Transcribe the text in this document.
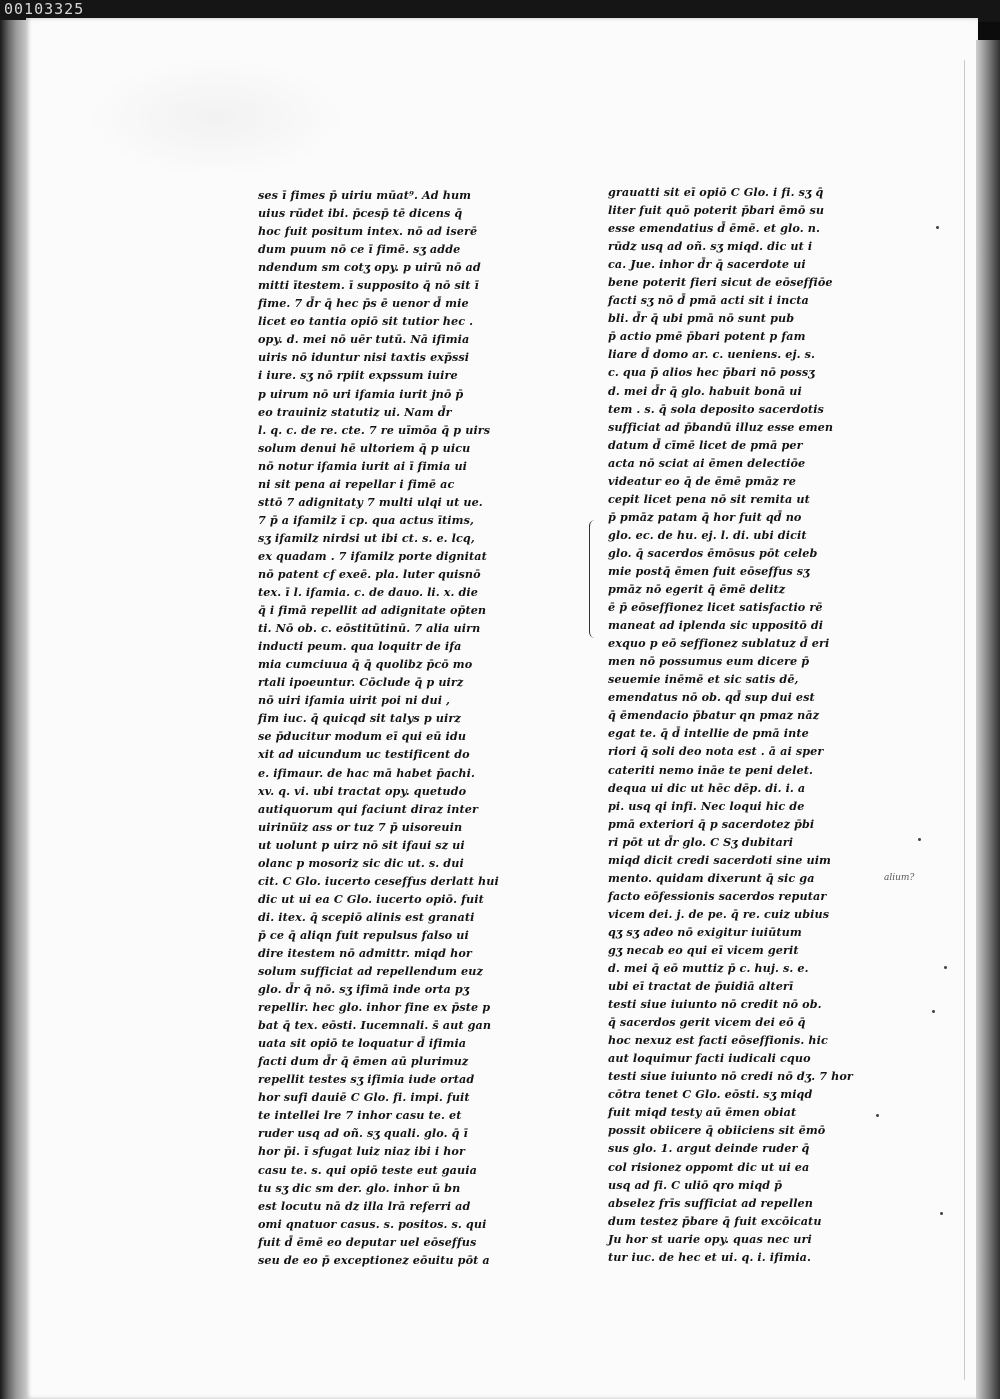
00103325
ses ī fimes p̄ uiriu mūat⁹. Ad hum
uius rūdet ibi. p̄cesp̄ tē dicens q̄
hoc fuit positum intex. nō ad iserē
dum puum nō ce ī fimē. sʒ adde
ndendum sm cotʒ opy. p uirū nō ad
mitti ītestem. ī supposito q̄ nō sit ī
fime. 7 d̄r q̄ hec p̄s ē uenor d̄ mie
licet eo tantia opiō sit tutior hec .
opy. d. mei nō uēr tutū. Nā ifimia
uiris nō iduntur nisi taxtis exp̄ssi
i iure. sʒ nō rpiit expssum iuire
p uirum nō uri ifamia iurit jnō p̄
eo trauiniz statutiz ui. Nam d̄r
l. q. c. de re. cte. 7 re uīmōa q̄ p uirs
solum denui hē ultoriem q̄ p uicu
nō notur ifamia iurit ai ī fimia ui
ni sit pena ai repellar i fimē ac
sttō 7 adignitaty 7 multi ulqi ut ue.
7 p̄ a ifamilz ī cp. qua actus ītims,
sʒ ifamilz nirdsi ut ibi ct. s. e. lcq,
ex quadam . 7 ifamilz porte dignitat
nō patent cf exeē. pla. luter quisnō
tex. ī l. ifamia. c. de dauo. li. x. die
q̄ i fimā repellit ad adignitate op̄ten
ti. Nō ob. c. eōstitūtinū. 7 alia uirn
inducti peum. qua loquitr de ifa
mia cumciuua q̄ q̄ quolibz p̄cō mo
rtali ipoeuntur. Cōclude q̄ p uirz
nō uiri ifamia uirit poi ni dui ,
fim iuc. q̄ quicqd sit talys p uirz
se p̄ducitur modum eī qui eū idu
xit ad uicundum uc testificent do
e. ifimaur. de hac mā habet p̄achi.
xv. q. vi. ubi tractat opy. quetudo
autiquorum qui faciunt diraz inter
uirinūiz ass or tuz 7 p̄ uisoreuin
ut uolunt p uirz nō sit ifaui sz ui
olanc p mosoriz sic dic ut. s. dui
cit. C Glo. iucerto ceseffus derlatt hui
dic ut ui ea C Glo. iucerto opiō. fuit
di. itex. q̄ scepiō alinis est granati
p̄ ce q̄ aliqn fuit repulsus falso ui
dire itestem nō admittr. miqd hor
solum sufficiat ad repellendum euz
glo. d̄r q̄ nō. sʒ ifimā inde orta pʒ
repellir. hec glo. inhor fine ex p̄ste p
bat q̄ tex. eōsti. Iucemnali. s̄ aut gan
uata sit opiō te loquatur d̄ ifimia
facti dum d̄r q̄ ēmen aū plurimuz
repellit testes sʒ ifimia iude ortad
hor sufi dauiē C Glo. fi. impi. fuit
te intellei lre 7 inhor casu te. et
ruder usq ad oñ. sʒ quali. glo. q̄ ī
hor p̄i. ī sfugat luiz niaz ibi i hor
casu te. s. qui opiō teste eut gauia
tu sʒ dic sm der. glo. inhor ū bn
est locutu nā dz illa lrā referri ad
omi qnatuor casus. s. positos. s. qui
fuit d̄ ēmē eo deputar uel eōseffus
seu de eo p̄ exceptionez eōuitu pōt a
grauatti sit eī opiō C Glo. i fi. sʒ q̄
liter fuit quō poterit p̄bari ēmō su
esse emendatius d̄ ēmē. et glo. n.
rūdz usq ad oñ. sʒ miqd. dic ut i
ca. Jue. inhor d̄r q̄ sacerdote ui
bene poterit fieri sicut de eōseffiōe
facti sʒ nō d̄ pmā acti sit i incta
bli. d̄r q̄ ubi pmā nō sunt pub
p̄ actio pmē p̄bari potent p fam
liare d̄ domo ar. c. ueniens. ej. s.
c. qua p̄ alios hec p̄bari nō possʒ
d. mei d̄r q̄ glo. habuit bonā ui
tem . s. q̄ sola deposito sacerdotis
sufficiat ad p̄bandū illuz esse emen
datum d̄ cīmē licet de pmā per
acta nō sciat ai ēmen delectiōe
videatur eo q̄ de ēmē pmāz re
cepit licet pena nō sit remita ut
p̄ pmāz patam q̄ hor fuit qd̄ no
glo. ec. de hu. ej. l. di. ubi dicit
glo. q̄ sacerdos ēmōsus pōt celeb
mie postq̄ ēmen fuit eōseffus sʒ
pmāz nō egerit q̄ ēmē delitz
ē p̄ eōseffionez licet satisfactio rē
maneat ad iplenda sic uppositō di
exquo p eō seffionez sublatuz d̄ eri
men nō possumus eum dicere p̄
seuemie inēmē et sic satis dē,
emendatus nō ob. qd̄ sup dui est
q̄ ēmendacio p̄batur qn pmaz nāz
egat te. q̄ d̄ intellie de pmā inte
riori q̄ soli deo nota est . ā ai sper
cateriti nemo ināe te peni delet.
dequa ui dic ut hēc dēp. di. i. a
pi. usq qi infi. Nec loqui hic de
pmā exteriori q̄ p sacerdotez p̄bi
ri pōt ut d̄r glo. C Sʒ dubitari
miqd dicit credi sacerdoti sine uim
mento. quidam dixerunt q̄ sic ga
facto eōfessionis sacerdos reputar
vicem dei. j. de pe. q̄ re. cuiz ubius
qʒ sʒ adeo nō exigitur iuiūtum
gʒ necab eo qui eī vicem gerit
d. mei q̄ eō muttiz p̄ c. huj. s. e.
ubi eī tractat de p̄uidiā alterī
testi siue iuiunto nō credit nō ob.
q̄ sacerdos gerit vicem dei eō q̄
hoc nexuz est facti eōseffionis. hic
aut loquimur facti iudicali cquo
testi siue iuiunto nō credi nō dʒ. 7 hor
cōtra tenet C Glo. eōsti. sʒ miqd
fuit miqd testy aū ēmen obiat
possit obiicere q̄ obiiciens sit ēmō
sus glo. 1. argut deinde ruder q̄
col risionez oppomt dic ut ui ea
usq ad fi. C uliō qro miqd p̄
abselez frīs sufficiat ad repellen
dum testez p̄bare q̄ fuit excōicatu
Ju hor st uarie opy. quas nec uri
tur iuc. de hec et ui. q. i. ifimia.
alium?
